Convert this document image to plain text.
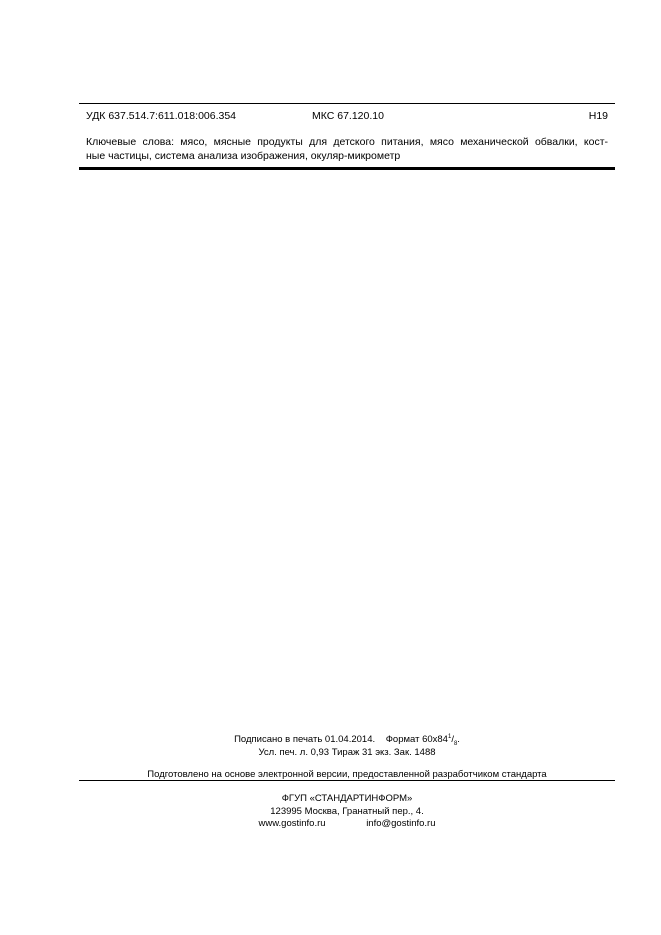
УДК 637.514.7:611.018:006.354	МКС 67.120.10	Н19
Ключевые слова: мясо, мясные продукты для детского питания, мясо механической обвалки, кост-
ные частицы, система анализа изображения, окуляр-микрометр
Подписано в печать 01.04.2014. Формат $60x84^1/_8$.
Усл. печ. л. 0,93 Тираж 31 экз. Зак. 1488
Подготовлено на основе электронной версии, предоставленной разработчиком стандарта
ФГУП «СТАНДАРТИНФОРМ»
123995 Москва, Гранатный пер., 4.
www.gostinfo.ru	info@gostinfo.ru
